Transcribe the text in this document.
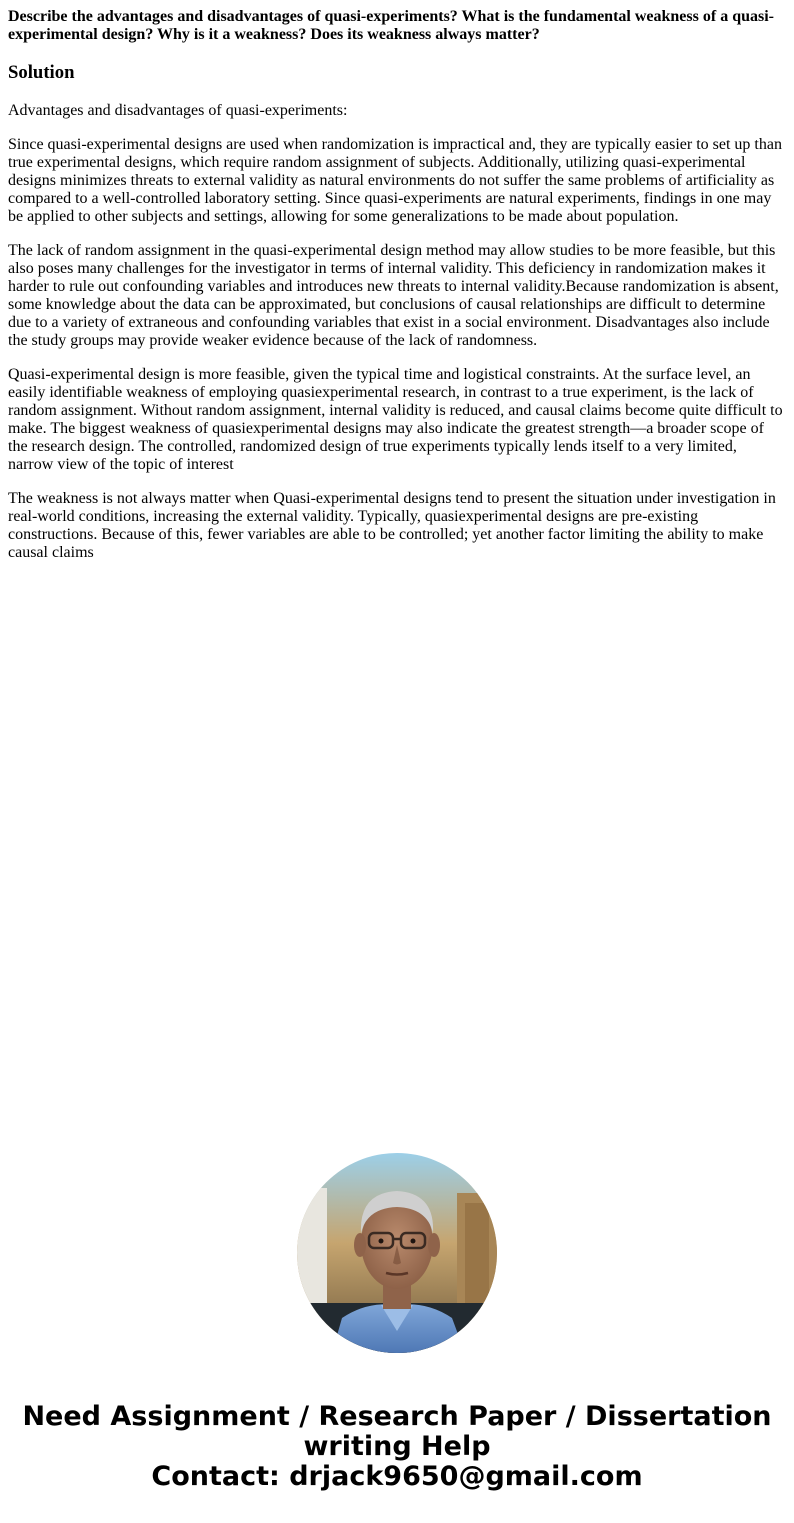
Describe the advantages and disadvantages of quasi-experiments? What is the fundamental weakness of a quasi-experimental design? Why is it a weakness? Does its weakness always matter?
Solution

Advantages and disadvantages of quasi-experiments:

Since quasi-experimental designs are used when randomization is impractical and, they are typically easier to set up than true experimental designs, which require random assignment of subjects. Additionally, utilizing quasi-experimental designs minimizes threats to external validity as natural environments do not suffer the same problems of artificiality as compared to a well-controlled laboratory setting. Since quasi-experiments are natural experiments, findings in one may be applied to other subjects and settings, allowing for some generalizations to be made about population.

The lack of random assignment in the quasi-experimental design method may allow studies to be more feasible, but this also poses many challenges for the investigator in terms of internal validity. This deficiency in randomization makes it harder to rule out confounding variables and introduces new threats to internal validity.Because randomization is absent, some knowledge about the data can be approximated, but conclusions of causal relationships are difficult to determine due to a variety of extraneous and confounding variables that exist in a social environment. Disadvantages also include the study groups may provide weaker evidence because of the lack of randomness.

Quasi-experimental design is more feasible, given the typical time and logistical constraints. At the surface level, an easily identifiable weakness of employing quasiexperimental research, in contrast to a true experiment, is the lack of random assignment. Without random assignment, internal validity is reduced, and causal claims become quite difficult to make. The biggest weakness of quasiexperimental designs may also indicate the greatest strength—a broader scope of the research design. The controlled, randomized design of true experiments typically lends itself to a very limited, narrow view of the topic of interest

The weakness is not always matter when Quasi-experimental designs tend to present the situation under investigation in real-world conditions, increasing the external validity. Typically, quasiexperimental designs are pre-existing constructions. Because of this, fewer variables are able to be controlled; yet another factor limiting the ability to make causal claims

Need Assignment / Research Paper / Dissertation
writing Help
Contact: drjack9650@gmail.com
